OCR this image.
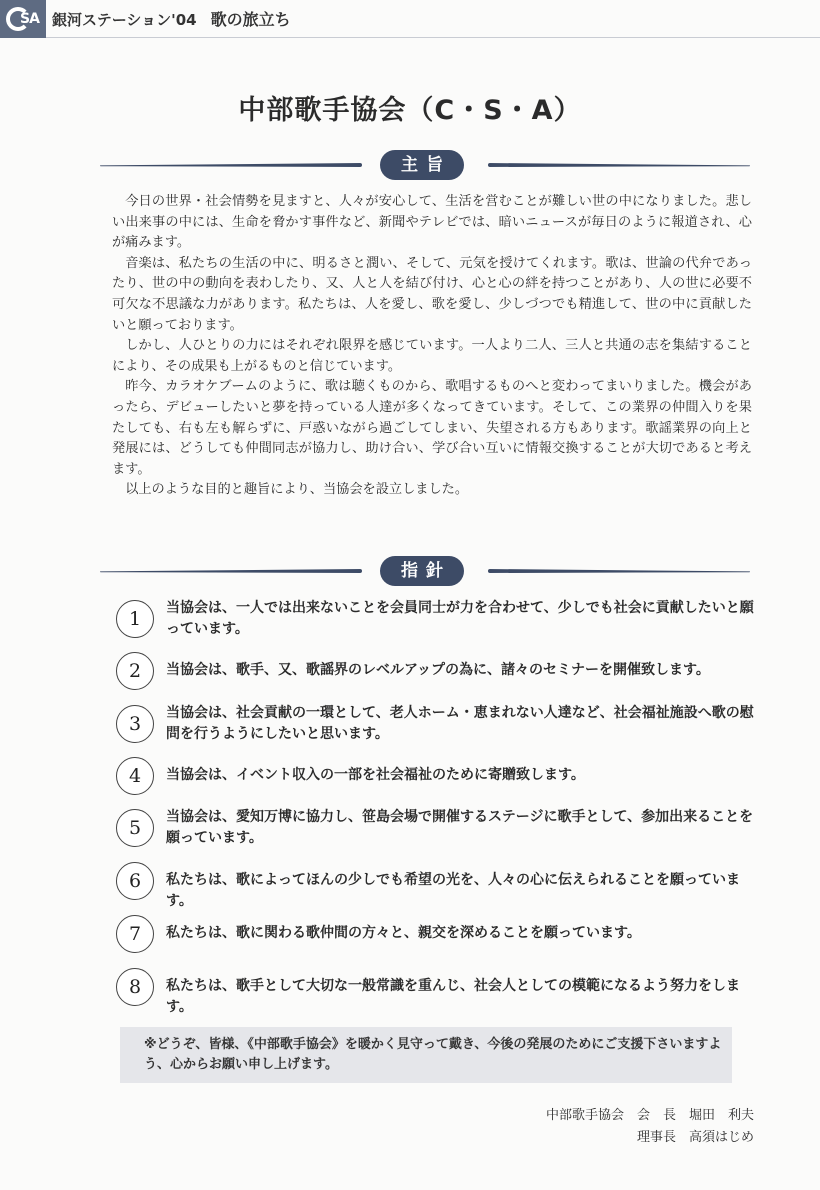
SA 銀河ステーション'04 歌の旅立ち
中部歌手協会（C・S・A）
主旨

今日の世界・社会情勢を見ますと、人々が安心して、生活を営むことが難しい世の中になりました。悲しい出来事の中には、生命を脅かす事件など、新聞やテレビでは、暗いニュースが毎日のように報道され、心が痛みます。

音楽は、私たちの生活の中に、明るさと潤い、そして、元気を授けてくれます。歌は、世論の代弁であったり、世の中の動向を表わしたり、又、人と人を結び付け、心と心の絆を持つことがあり、人の世に必要不可欠な不思議な力があります。私たちは、人を愛し、歌を愛し、少しづつでも精進して、世の中に貢献したいと願っております。

しかし、人ひとりの力にはそれぞれ限界を感じています。一人より二人、三人と共通の志を集結することにより、その成果も上がるものと信じています。

昨今、カラオケブームのように、歌は聴くものから、歌唱するものへと変わってまいりました。機会があったら、デビューしたいと夢を持っている人達が多くなってきています。そして、この業界の仲間入りを果たしても、右も左も解らずに、戸惑いながら過ごしてしまい、失望される方もあります。歌謡業界の向上と発展には、どうしても仲間同志が協力し、助け合い、学び合い互いに情報交換することが大切であると考えます。

以上のような目的と趣旨により、当協会を設立しました。

指針
1	当協会は、一人では出来ないことを会員同士が力を合わせて、少しでも社会に貢献したいと願っています。
2	当協会は、歌手、又、歌謡界のレベルアップの為に、諸々のセミナーを開催致します。
3	当協会は、社会貢献の一環として、老人ホーム・恵まれない人達など、社会福祉施設へ歌の慰問を行うようにしたいと思います。
4	当協会は、イベント収入の一部を社会福祉のために寄贈致します。
5	当協会は、愛知万博に協力し、笹島会場で開催するステージに歌手として、参加出来ることを願っています。
6	私たちは、歌によってほんの少しでも希望の光を、人々の心に伝えられることを願っています。
7	私たちは、歌に関わる歌仲間の方々と、親交を深めることを願っています。
8	私たちは、歌手として大切な一般常識を重んじ、社会人としての模範になるよう努力をします。
※どうぞ、皆様、《中部歌手協会》を暖かく見守って戴き、今後の発展のためにご支援下さいますよう、心からお願い申し上げます。
中部歌手協会　会　長　堀田　利夫
理事長　高須はじめ
